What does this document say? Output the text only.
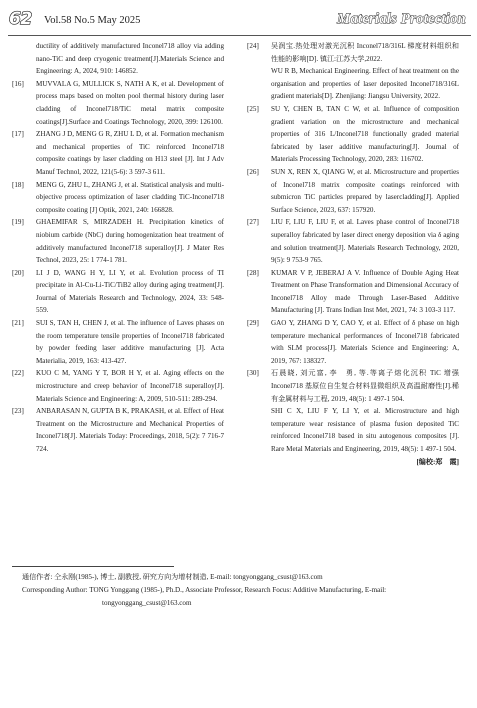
62 Vol.58 No.5 May 2025	Materials Protection
ductility of additively manufactured Inconel718 alloy via adding nano-TiC and deep cryogenic treatment[J].Materials Science and Engineering: A, 2024, 910: 146852.
[16]	MUVVALA G, MULLICK S, NATH A K, et al. Development of process maps based on molten pool thermal history during laser cladding of Inconel718/TiC metal matrix composite coatings[J].Surface and Coatings Technology, 2020, 399: 126100.
[17]	ZHANG J D, MENG G R, ZHU L D, et al. Formation mechanism and mechanical properties of TiC reinforced Inconel718 composite coatings by laser cladding on H13 steel [J]. Int J Adv Manuf Technol, 2022, 121(5-6): 3 597-3 611.
[18]	MENG G, ZHU L, ZHANG J, et al. Statistical analysis and multi-objective process optimization of laser cladding TiC-Inconel718 composite coating [J] Optik, 2021, 240: 166828.
[19]	GHAEMIFAR S, MIRZADEH H. Precipitation kinetics of niobium carbide (NbC) during homogenization heat treatment of additively manufactured Inconel718 superalloy[J]. J Mater Res Technol, 2023, 25: 1 774-1 781.
[20]	LI J D, WANG H Y, LI Y, et al. Evolution process of TI precipitate in Al-Cu-Li-TiC/TiB2 alloy during aging treatment[J]. Journal of Materials Research and Technology, 2024, 33: 548-559.
[21]	SUI S, TAN H, CHEN J, et al. The influence of Laves phases on the room temperature tensile properties of Inconel718 fabricated by powder feeding laser additive manufacturing [J]. Acta Materialia, 2019, 163: 413-427.
[22]	KUO C M, YANG Y T, BOR H Y, et al. Aging effects on the microstructure and creep behavior of Inconel718 superalloy[J]. Materials Science and Engineering: A, 2009, 510-511: 289-294.
[23]	ANBARASAN N, GUPTA B K, PRAKASH, et al. Effect of Heat Treatment on the Microstructure and Mechanical Properties of Inconel718[J]. Materials Today: Proceedings, 2018, 5(2): 7 716-7 724.
[24]	吴润宝.热处理对激光沉积 Inconel718/316L 梯度材料组织和性能的影响[D]. 镇江:江苏大学,2022.
WU R B, Mechanical Engineering. Effect of heat treatment on the organisation and properties of laser deposited Inconel718/316L gradient materials[D]. Zhenjiang: Jiangsu University, 2022.
[25]	SU Y, CHEN B, TAN C W, et al. Influence of composition gradient variation on the microstructure and mechanical properties of 316 L/Inconel718 functionally graded material fabricated by laser additive manufacturing[J]. Journal of Materials Processing Technology, 2020, 283: 116702.
[26]	SUN X, REN X, QIANG W, et al. Microstructure and properties of Inconel718 matrix composite coatings reinforced with submicron TiC particles prepared by lasercladding[J]. Applied Surface Science, 2023, 637: 157920.
[27]	LIU F, LIU F, LIU F, et al. Laves phase control of Inconel718 superalloy fabricated by laser direct energy deposition via δ aging and solution treatment[J]. Materials Research Technology, 2020, 9(5): 9 753-9 765.
[28]	KUMAR V P, JEBERAJ A V. Influence of Double Aging Heat Treatment on Phase Transformation and Dimensional Accuracy of Inconel718 Alloy made Through Laser-Based Additive Manufacturing [J]. Trans Indian Inst Met, 2021, 74: 3 103-3 117.
[29]	GAO Y, ZHANG D Y, CAO Y, et al. Effect of δ phase on high temperature mechanical performances of Inconel718 fabricated with SLM process[J]. Materials Science and Engineering: A, 2019, 767: 138327.
[30]	石晨晓, 刘元富, 李　勇, 等.等离子熔化沉积 TiC 增强 Inconel718 基原位自生复合材料显微组织及高温耐磨性[J].稀有金属材料与工程, 2019, 48(5): 1 497-1 504.
SHI C X, LIU F Y, LI Y, et al. Microstructure and high temperature wear resistance of plasma fusion deposited TiC reinforced Inconel718 based in situ autogenous composites [J]. Rare Metal Materials and Engineering, 2019, 48(5): 1 497-1 504.
[编校:郑　霞]

通信作者: 仝永刚(1985-), 博士, 副教授, 研究方向为增材制造, E-mail: tongyonggang_csust@163.com

Corresponding Author: TONG Yonggang (1985-), Ph.D., Associate Professor, Research Focus: Additive Manufacturing, E-mail:

tongyonggang_csust@163.com
